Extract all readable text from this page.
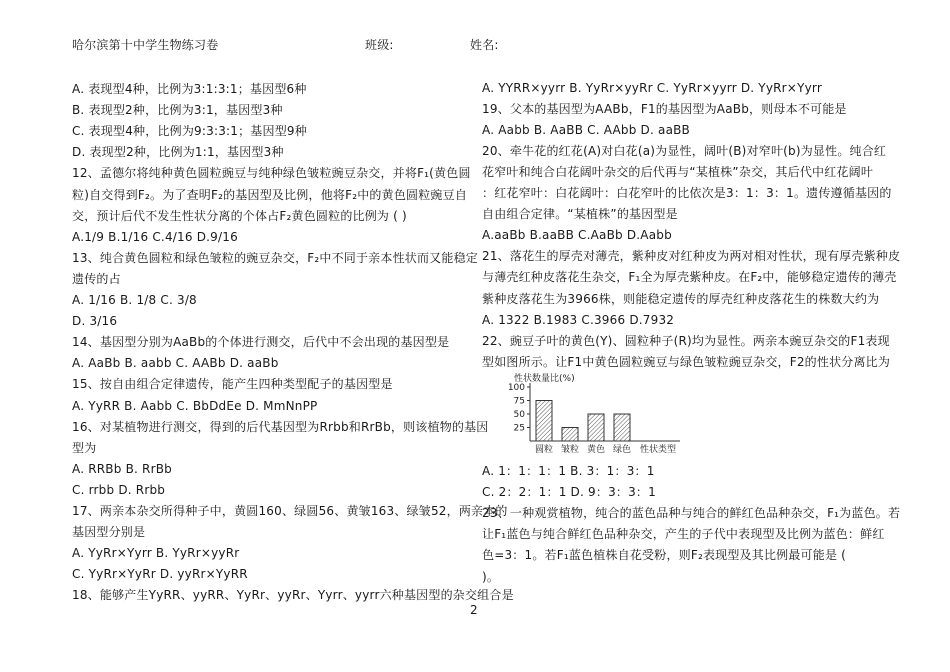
哈尔滨第十中学生物练习卷	班级:	姓名:
A. 表现型4种，比例为3:1:3:1；基因型6种
B. 表现型2种，比例为3:1，基因型3种
C. 表现型4种，比例为9:3:3:1；基因型9种
D. 表现型2种，比例为1:1，基因型3种
12、孟德尔将纯种黄色圆粒豌豆与纯种绿色皱粒豌豆杂交，并将F₁(黄色圆
粒)自交得到F₂。为了查明F₂的基因型及比例，他将F₂中的黄色圆粒豌豆自
交，预计后代不发生性状分离的个体占F₂黄色圆粒的比例为 ( )
A.1/9 B.1/16 C.4/16 D.9/16
13、纯合黄色圆粒和绿色皱粒的豌豆杂交，F₂中不同于亲本性状而又能稳定
遗传的占
A. 1/16 B. 1/8 C. 3/8
D. 3/16
14、基因型分别为AaBb的个体进行测交，后代中不会出现的基因型是
A. AaBb B. aabb C. AABb D. aaBb
15、按自由组合定律遗传，能产生四种类型配子的基因型是
A. YyRR B. Aabb C. BbDdEe D. MmNnPP
16、对某植物进行测交，得到的后代基因型为Rrbb和RrBb，则该植物的基因
型为
A. RRBb B. RrBb
C. rrbb D. Rrbb
17、两亲本杂交所得种子中，黄圆160、绿圆56、黄皱163、绿皱52，两亲本的
基因型分别是
A. YyRr×Yyrr B. YyRr×yyRr
C. YyRr×YyRr D. yyRr×YyRR
18、能够产生YyRR、yyRR、YyRr、yyRr、Yyrr、yyrr六种基因型的杂交组合是
A. YYRR×yyrr B. YyRr×yyRr C. YyRr×yyrr D. YyRr×Yyrr
19、父本的基因型为AABb，F1的基因型为AaBb，则母本不可能是
A. Aabb B. AaBB C. AAbb D. aaBB
20、牵牛花的红花(A)对白花(a)为显性，阔叶(B)对窄叶(b)为显性。纯合红
花窄叶和纯合白花阔叶杂交的后代再与“某植株”杂交，其后代中红花阔叶
：红花窄叶：白花阔叶：白花窄叶的比依次是3：1：3：1。遗传遵循基因的
自由组合定律。“某植株”的基因型是
A.aaBb B.aaBB C.AaBb D.Aabb
21、落花生的厚壳对薄壳，紫种皮对红种皮为两对相对性状，现有厚壳紫种皮
与薄壳红种皮落花生杂交，F₁全为厚壳紫种皮。在F₂中，能够稳定遗传的薄壳
紫种皮落花生为3966株，则能稳定遗传的厚壳红种皮落花生的株数大约为
A. 1322 B.1983 C.3966 D.7932
22、豌豆子叶的黄色(Y)、圆粒种子(R)均为显性。两亲本豌豆杂交的F1表现
型如图所示。让F1中黄色圆粒豌豆与绿色皱粒豌豆杂交，F2的性状分离比为
A. 1：1：1：1 B. 3：1：3：1
C. 2：2：1：1 D. 9：3：3：1
23、一种观赏植物，纯合的蓝色品种与纯合的鲜红色品种杂交，F₁为蓝色。若
让F₁蓝色与纯合鲜红色品种杂交，产生的子代中表现型及比例为蓝色：鲜红
色=3：1。若F₁蓝色植株自花受粉，则F₂表现型及其比例最可能是 (
)。
性状数量比(%)
25
50
75
100
圆粒 皱粒 黄色 绿色 性状类型
2
